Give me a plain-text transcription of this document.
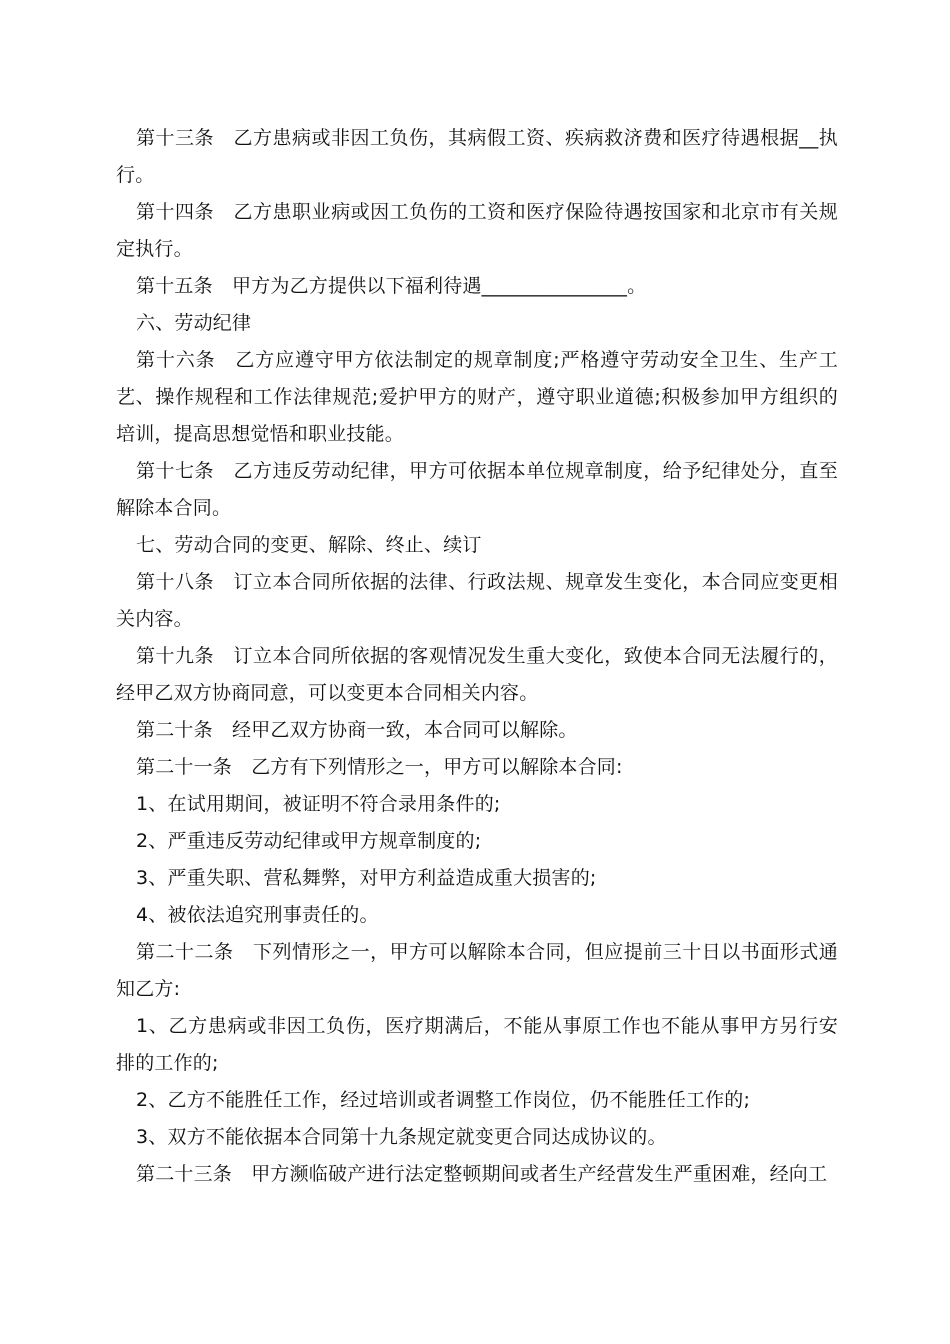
第十三条　乙方患病或非因工负伤，其病假工资、疾病救济费和医疗待遇根据__执行。

第十四条　乙方患职业病或因工负伤的工资和医疗保险待遇按国家和北京市有关规定执行。

第十五条　甲方为乙方提供以下福利待遇_______________。

六、劳动纪律

第十六条　乙方应遵守甲方依法制定的规章制度;严格遵守劳动安全卫生、生产工艺、操作规程和工作法律规范;爱护甲方的财产，遵守职业道德;积极参加甲方组织的培训，提高思想觉悟和职业技能。

第十七条　乙方违反劳动纪律，甲方可依据本单位规章制度，给予纪律处分，直至解除本合同。

七、劳动合同的变更、解除、终止、续订

第十八条　订立本合同所依据的法律、行政法规、规章发生变化，本合同应变更相关内容。

第十九条　订立本合同所依据的客观情况发生重大变化，致使本合同无法履行的，经甲乙双方协商同意，可以变更本合同相关内容。

第二十条　经甲乙双方协商一致，本合同可以解除。

第二十一条　乙方有下列情形之一，甲方可以解除本合同:

1、在试用期间，被证明不符合录用条件的;

2、严重违反劳动纪律或甲方规章制度的;

3、严重失职、营私舞弊，对甲方利益造成重大损害的;

4、被依法追究刑事责任的。

第二十二条　下列情形之一，甲方可以解除本合同，但应提前三十日以书面形式通知乙方:

1、乙方患病或非因工负伤，医疗期满后，不能从事原工作也不能从事甲方另行安排的工作的;

2、乙方不能胜任工作，经过培训或者调整工作岗位，仍不能胜任工作的;

3、双方不能依据本合同第十九条规定就变更合同达成协议的。

第二十三条　甲方濒临破产进行法定整顿期间或者生产经营发生严重困难，经向工
